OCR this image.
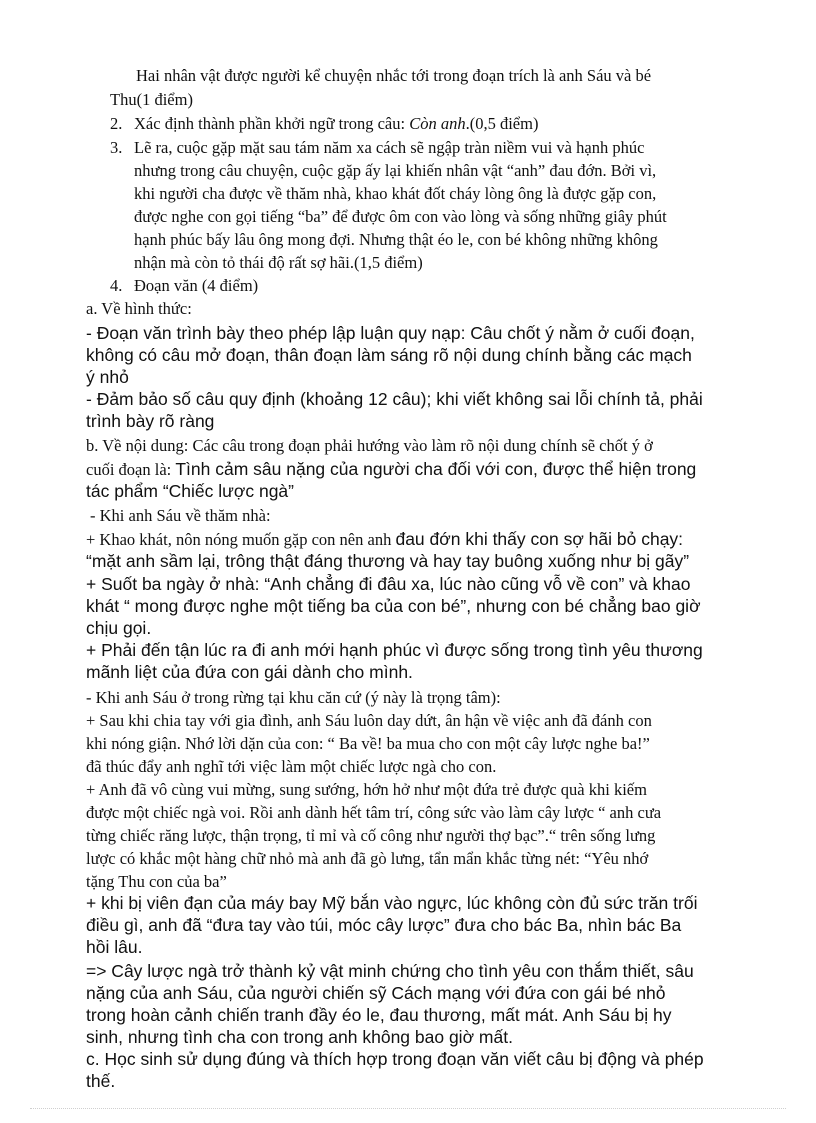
Hai nhân vật được người kể chuyện nhắc tới trong đoạn trích là anh Sáu và bé
Thu(1 điểm)
2. Xác định thành phần khởi ngữ trong câu: Còn anh.(0,5 điểm)
3. Lẽ ra, cuộc gặp mặt sau tám năm xa cách sẽ ngập tràn niềm vui và hạnh phúc
nhưng trong câu chuyện, cuộc gặp ấy lại khiến nhân vật “anh” đau đớn. Bởi vì,
khi người cha được về thăm nhà, khao khát đốt cháy lòng ông là được gặp con,
được nghe con gọi tiếng “ba” để được ôm con vào lòng và sống những giây phút
hạnh phúc bấy lâu ông mong đợi. Nhưng thật éo le, con bé không những không
nhận mà còn tỏ thái độ rất sợ hãi.(1,5 điểm)
4. Đoạn văn (4 điểm)
a. Về hình thức:
- Đoạn văn trình bày theo phép lập luận quy nạp: Câu chốt ý nằm ở cuối đoạn,
không có câu mở đoạn, thân đoạn làm sáng rõ nội dung chính bằng các mạch
ý nhỏ
- Đảm bảo số câu quy định (khoảng 12 câu); khi viết không sai lỗi chính tả, phải
trình bày rõ ràng
b. Về nội dung: Các câu trong đoạn phải hướng vào làm rõ nội dung chính sẽ chốt ý ở
cuối đoạn là: Tình cảm sâu nặng của người cha đối với con, được thể hiện trong
tác phẩm “Chiếc lược ngà”
- Khi anh Sáu về thăm nhà:
+ Khao khát, nôn nóng muốn gặp con nên anh đau đớn khi thấy con sợ hãi bỏ chạy:
“mặt anh sầm lại, trông thật đáng thương và hay tay buông xuống như bị gãy”
+ Suốt ba ngày ở nhà: “Anh chẳng đi đâu xa, lúc nào cũng vỗ về con” và khao
khát “ mong được nghe một tiếng ba của con bé”, nhưng con bé chẳng bao giờ
chịu gọi.
+ Phải đến tận lúc ra đi anh mới hạnh phúc vì được sống trong tình yêu thương
mãnh liệt của đứa con gái dành cho mình.
- Khi anh Sáu ở trong rừng tại khu căn cứ (ý này là trọng tâm):
+ Sau khi chia tay với gia đình, anh Sáu luôn day dứt, ân hận về việc anh đã đánh con
khi nóng giận. Nhớ lời dặn của con: “ Ba về! ba mua cho con một cây lược nghe ba!”
đã thúc đẩy anh nghĩ tới việc làm một chiếc lược ngà cho con.
+ Anh đã vô cùng vui mừng, sung sướng, hớn hở như một đứa trẻ được quà khi kiếm
được một chiếc ngà voi. Rồi anh dành hết tâm trí, công sức vào làm cây lược “ anh cưa
từng chiếc răng lược, thận trọng, tỉ mỉ và cố công như người thợ bạc”.“ trên sống lưng
lược có khắc một hàng chữ nhỏ mà anh đã gò lưng, tẩn mẩn khắc từng nét: “Yêu nhớ
tặng Thu con của ba”
+ khi bị viên đạn của máy bay Mỹ bắn vào ngực, lúc không còn đủ sức trăn trối
điều gì, anh đã “đưa tay vào túi, móc cây lược” đưa cho bác Ba, nhìn bác Ba
hồi lâu.
=> Cây lược ngà trở thành kỷ vật minh chứng cho tình yêu con thắm thiết, sâu
nặng của anh Sáu, của người chiến sỹ Cách mạng với đứa con gái bé nhỏ
trong hoàn cảnh chiến tranh đầy éo le, đau thương, mất mát. Anh Sáu bị hy
sinh, nhưng tình cha con trong anh không bao giờ mất.
c. Học sinh sử dụng đúng và thích hợp trong đoạn văn viết câu bị động và phép
thế.
